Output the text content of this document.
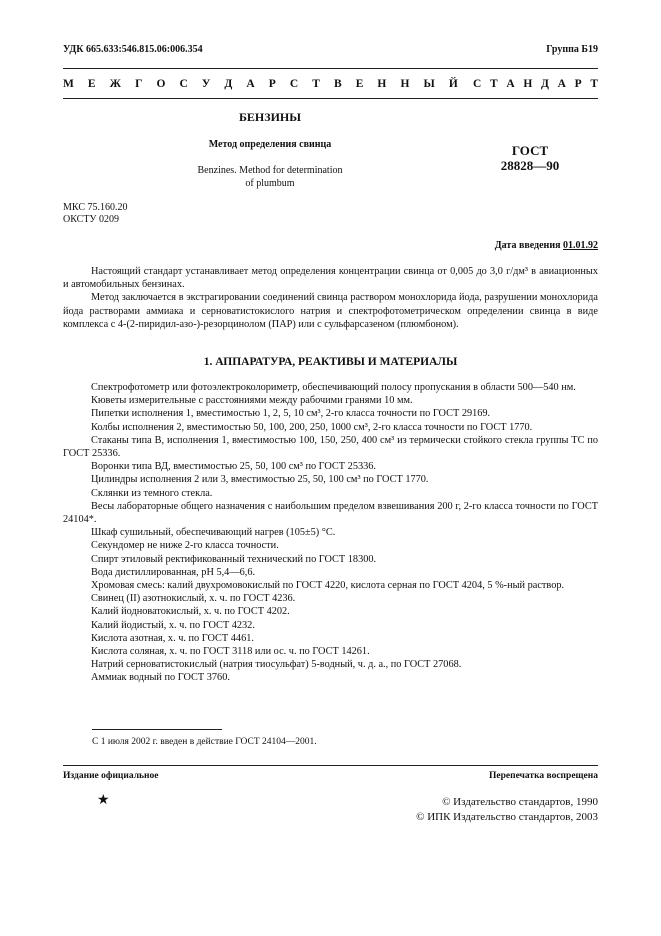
УДК 665.633:546.815.06:006.354	Группа Б19
М Е Ж Г О С У Д А Р С Т В Е Н Н Ы Й С Т А Н Д А Р Т
БЕНЗИНЫ
Метод определения свинца
Benzines. Method for determination
of plumbum
ГОСТ
28828—90
МКС 75.160.20
ОКСТУ 0209
Дата введения 01.01.92

Настоящий стандарт устанавливает метод определения концентрации свинца от 0,005 до 3,0 г/дм³ в авиационных и автомобильных бензинах.

Метод заключается в экстрагировании соединений свинца раствором монохлорида йода, разрушении монохлорида йода растворами аммиака и серноватистокислого натрия и спектрофотометрическом определении свинца в виде комплекса с 4-(2-пиридил-азо-)-резорцинолом (ПАР) или с сульфарсазеном (плюмбоном).

1. АППАРАТУРА, РЕАКТИВЫ И МАТЕРИАЛЫ

Спектрофотометр или фотоэлектроколориметр, обеспечивающий полосу пропускания в области 500—540 нм.

Кюветы измерительные с расстояниями между рабочими гранями 10 мм.

Пипетки исполнения 1, вместимостью 1, 2, 5, 10 см³, 2-го класса точности по ГОСТ 29169.

Колбы исполнения 2, вместимостью 50, 100, 200, 250, 1000 см³, 2-го класса точности по ГОСТ 1770.

Стаканы типа В, исполнения 1, вместимостью 100, 150, 250, 400 см³ из термически стойкого стекла группы ТС по ГОСТ 25336.

Воронки типа ВД, вместимостью 25, 50, 100 см³ по ГОСТ 25336.

Цилиндры исполнения 2 или 3, вместимостью 25, 50, 100 см³ по ГОСТ 1770.

Склянки из темного стекла.

Весы лабораторные общего назначения с наибольшим пределом взвешивания 200 г, 2-го класса точности по ГОСТ 24104*.

Шкаф сушильный, обеспечивающий нагрев (105±5) °С.

Секундомер не ниже 2-го класса точности.

Спирт этиловый ректификованный технический по ГОСТ 18300.

Вода дистиллированная, pH 5,4—6,6.

Хромовая смесь: калий двухромовокислый по ГОСТ 4220, кислота серная по ГОСТ 4204, 5 %-ный раствор.

Свинец (II) азотнокислый, х. ч. по ГОСТ 4236.

Калий йодноватокислый, х. ч. по ГОСТ 4202.

Калий йодистый, х. ч. по ГОСТ 4232.

Кислота азотная, х. ч. по ГОСТ 4461.

Кислота соляная, х. ч. по ГОСТ 3118 или ос. ч. по ГОСТ 14261.

Натрий серноватистокислый (натрия тиосульфат) 5-водный, ч. д. а., по ГОСТ 27068.

Аммиак водный по ГОСТ 3760.

С 1 июля 2002 г. введен в действие ГОСТ 24104—2001.
Издание официальное	Перепечатка воспрещена
★	© Издательство стандартов, 1990
© ИПК Издательство стандартов, 2003
